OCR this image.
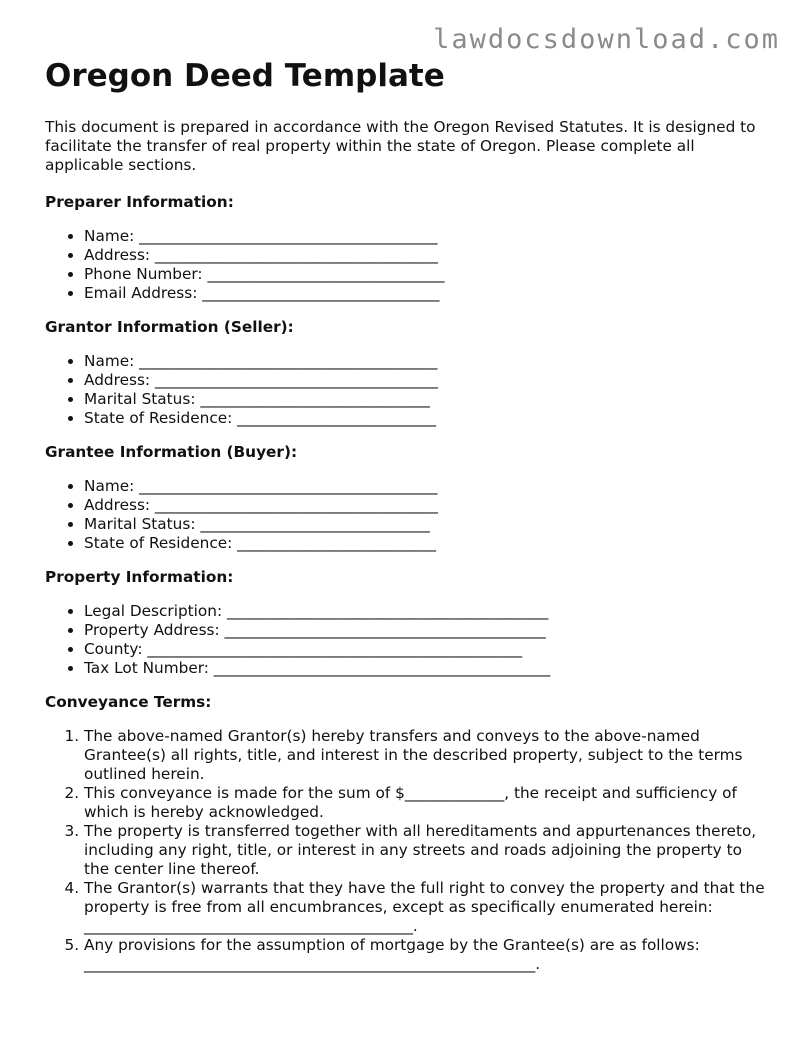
lawdocsdownload.com
Oregon Deed Template

This document is prepared in accordance with the Oregon Revised Statutes. It is designed to facilitate the transfer of real property within the state of Oregon. Please complete all applicable sections.

Preparer Information:
• Name: _______________________________________
• Address: _____________________________________
• Phone Number: _______________________________
• Email Address: _______________________________
Grantor Information (Seller):
• Name: _______________________________________
• Address: _____________________________________
• Marital Status: ______________________________
• State of Residence: __________________________
Grantee Information (Buyer):
• Name: _______________________________________
• Address: _____________________________________
• Marital Status: ______________________________
• State of Residence: __________________________
Property Information:
• Legal Description: __________________________________________
• Property Address: __________________________________________
• County: _________________________________________________
• Tax Lot Number: ____________________________________________
Conveyance Terms:
1. The above-named Grantor(s) hereby transfers and conveys to the above-named Grantee(s) all rights, title, and interest in the described property, subject to the terms outlined herein.
2. This conveyance is made for the sum of $_____________, the receipt and sufficiency of which is hereby acknowledged.
3. The property is transferred together with all hereditaments and appurtenances thereto, including any right, title, or interest in any streets and roads adjoining the property to the center line thereof.
4. The Grantor(s) warrants that they have the full right to convey the property and that the property is free from all encumbrances, except as specifically enumerated herein: ___________________________________________.
5. Any provisions for the assumption of mortgage by the Grantee(s) are as follows: ___________________________________________________________.
